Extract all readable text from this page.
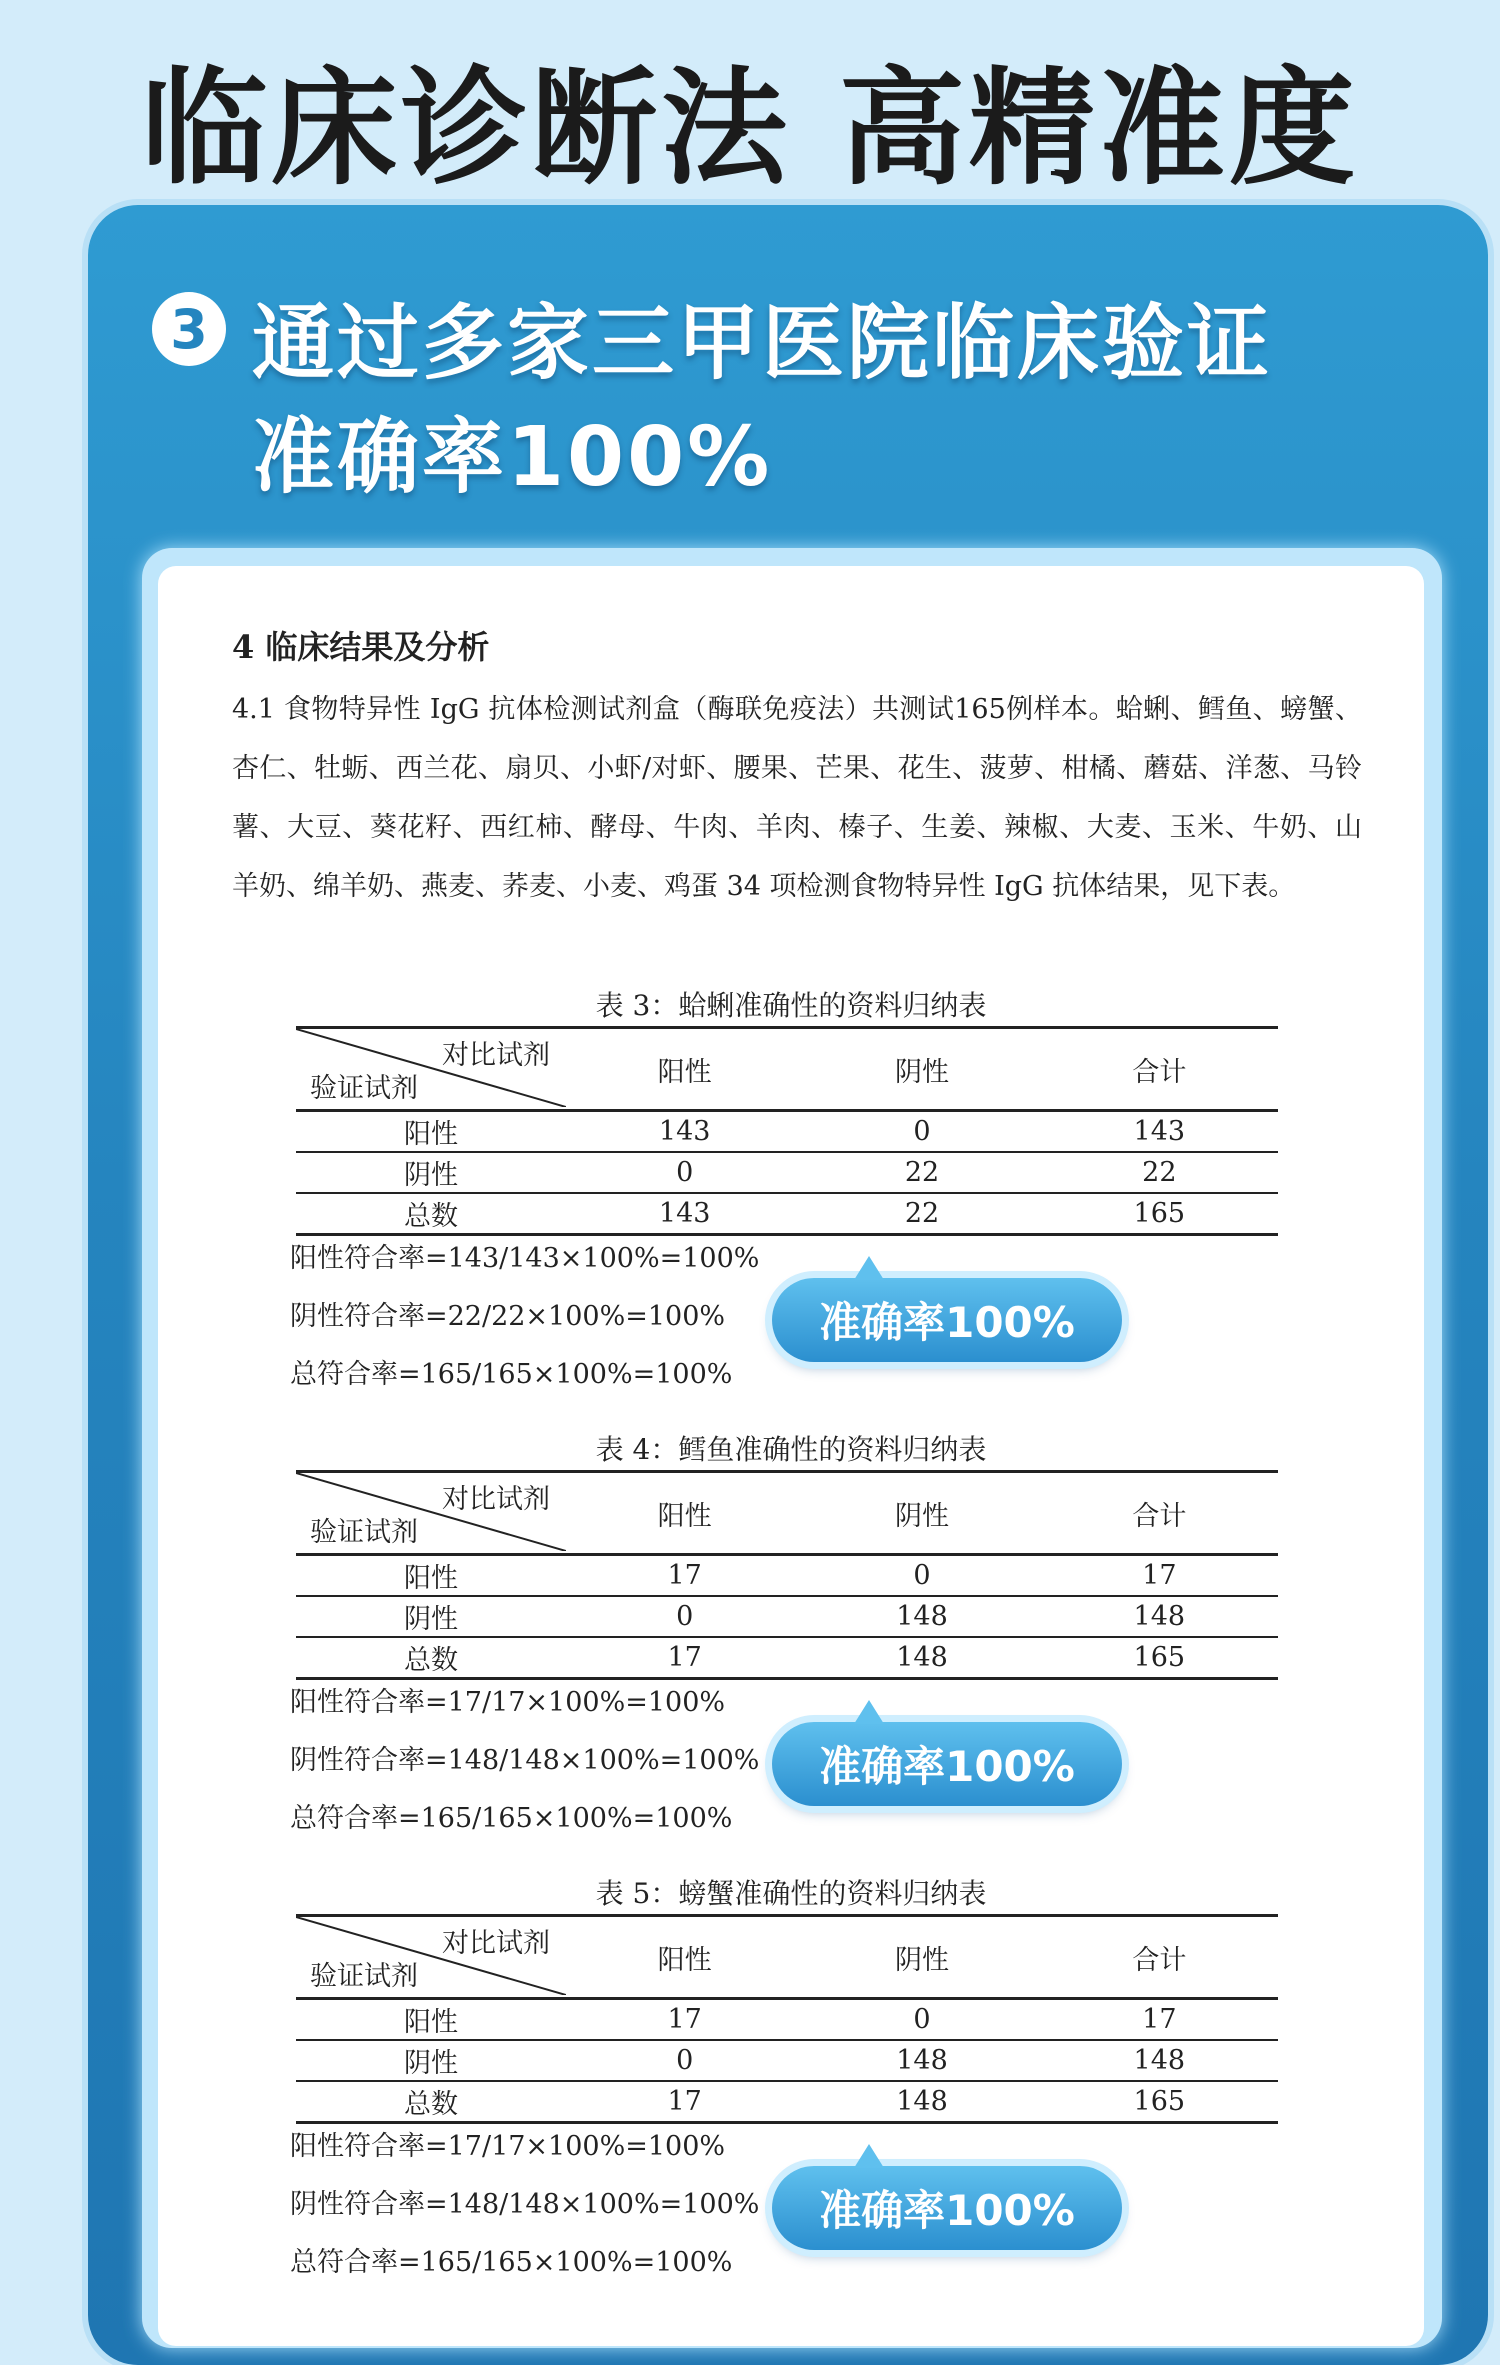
临床诊断法 高精准度
3 通过多家三甲医院临床验证
准确率100%
4 临床结果及分析
4.1 食物特异性 IgG 抗体检测试剂盒（酶联免疫法）共测试165例样本。蛤蜊、鳕鱼、螃蟹、杏仁、牡蛎、西兰花、扇贝、小虾/对虾、腰果、芒果、花生、菠萝、柑橘、蘑菇、洋葱、马铃薯、大豆、葵花籽、西红柿、酵母、牛肉、羊肉、榛子、生姜、辣椒、大麦、玉米、牛奶、山羊奶、绵羊奶、燕麦、荞麦、小麦、鸡蛋 34 项检测食物特异性 IgG 抗体结果，见下表。
表 3：蛤蜊准确性的资料归纳表
对比试剂
验证试剂	阳性	阴性	合计
阳性	143	0	143
阴性	0	22	22
总数	143	22	165
阳性符合率=143/143×100%=100%
阴性符合率=22/22×100%=100%
总符合率=165/165×100%=100%
准确率100%
表 4：鳕鱼准确性的资料归纳表
对比试剂
验证试剂	阳性	阴性	合计
阳性	17	0	17
阴性	0	148	148
总数	17	148	165
阳性符合率=17/17×100%=100%
阴性符合率=148/148×100%=100%
总符合率=165/165×100%=100%
准确率100%
表 5：螃蟹准确性的资料归纳表
对比试剂
验证试剂	阳性	阴性	合计
阳性	17	0	17
阴性	0	148	148
总数	17	148	165
阳性符合率=17/17×100%=100%
阴性符合率=148/148×100%=100%
总符合率=165/165×100%=100%
准确率100%
